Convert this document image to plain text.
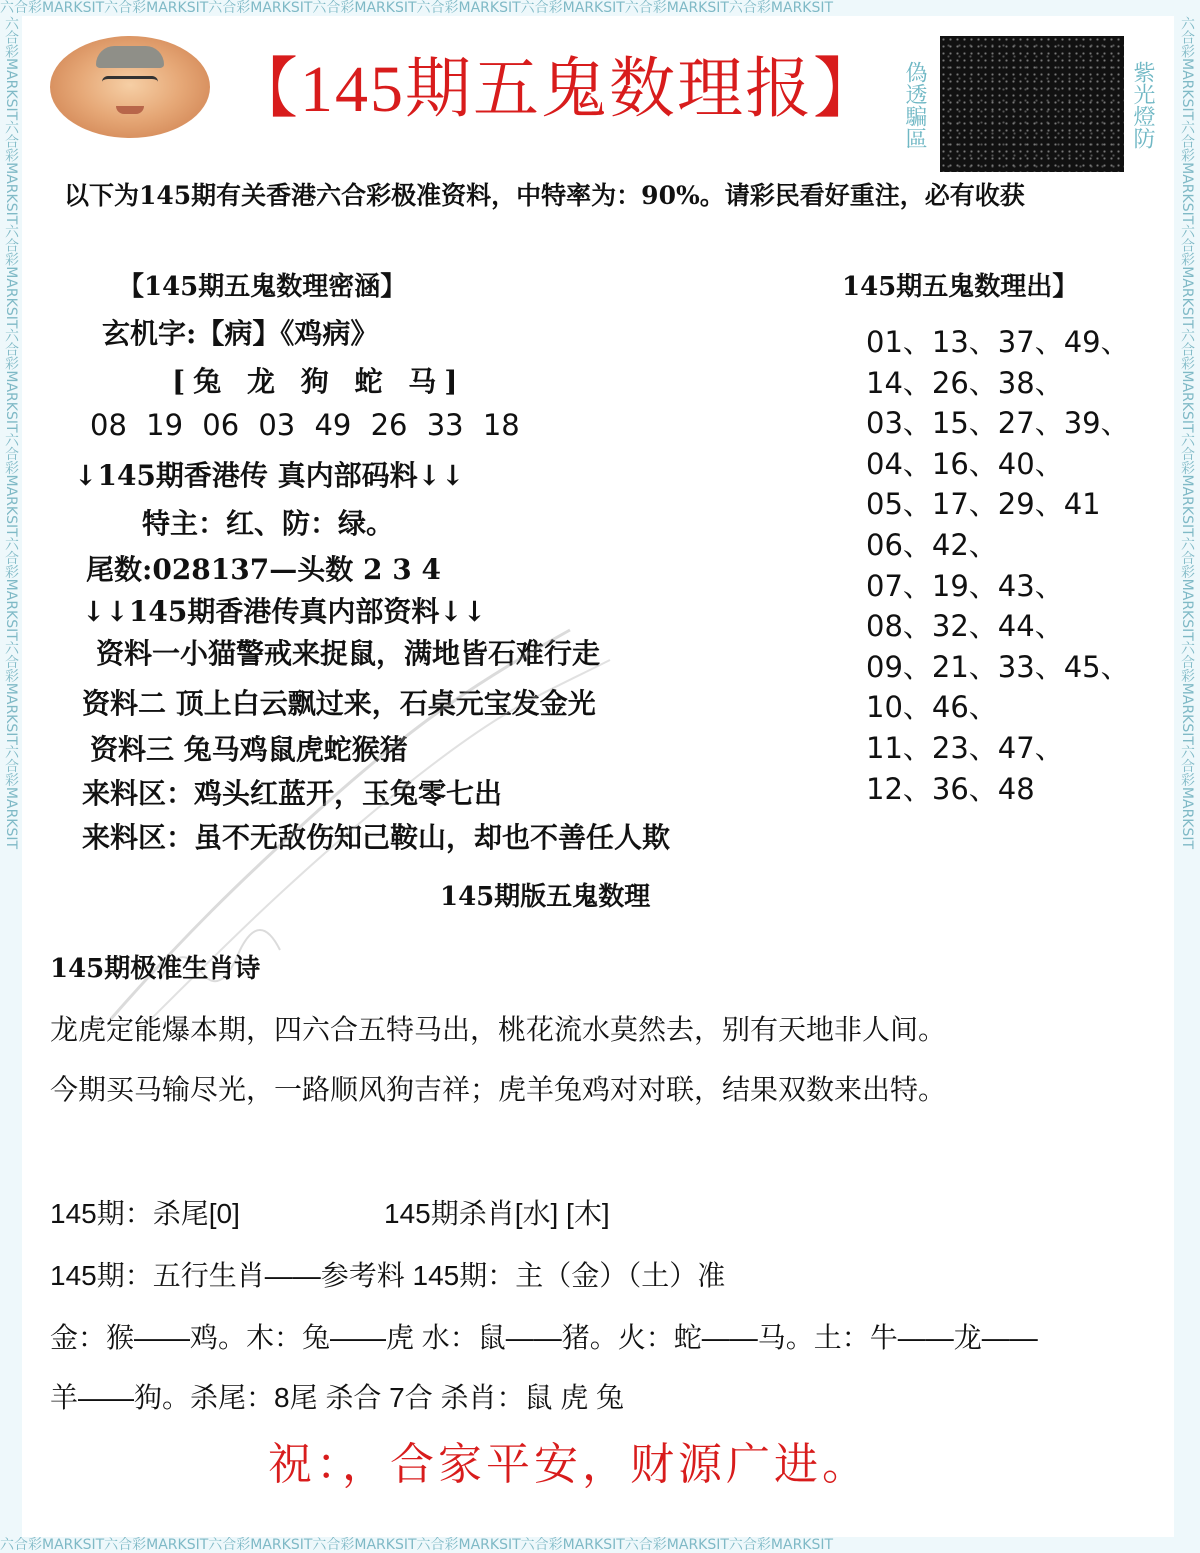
六合彩MARKSIT六合彩MARKSIT六合彩MARKSIT六合彩MARKSIT六合彩MARKSIT六合彩MARKSIT六合彩MARKSIT六合彩MARKSIT
六合彩MARKSIT六合彩MARKSIT六合彩MARKSIT六合彩MARKSIT六合彩MARKSIT六合彩MARKSIT六合彩MARKSIT六合彩MARKSIT
六合彩MARKSIT六合彩MARKSIT六合彩MARKSIT六合彩MARKSIT六合彩MARKSIT六合彩MARKSIT六合彩MARKSIT六合彩MARKSIT	六合彩MARKSIT六合彩MARKSIT六合彩MARKSIT六合彩MARKSIT六合彩MARKSIT六合彩MARKSIT六合彩MARKSIT六合彩MARKSIT
【145期五鬼数理报】 偽透騙區	紫光燈防
以下为145期有关香港六合彩极准资料，中特率为：90%。请彩民看好重注，必有收获
【145期五鬼数理密涵】	145期五鬼数理出】
玄机字:【病】《鸡病》
[兔 龙 狗 蛇 马]
08 19 06 03 49 26 33 18
↓145期香港传 真内部码料↓↓
特主：红、防：绿。
尾数:028137—头数 2 3 4
↓↓145期香港传真内部资料↓↓
资料一小猫警戒来捉鼠，满地皆石难行走
资料二 顶上白云飘过来，石桌元宝发金光
资料三 兔马鸡鼠虎蛇猴猪
来料区：鸡头红蓝开，玉兔零七出
来料区：虽不无敌伤知己鞍山，却也不善任人欺
01、13、37、49、
14、26、38、
03、15、27、39、
04、16、40、
05、17、29、41
06、42、
07、19、43、
08、32、44、
09、21、33、45、
10、46、
11、23、47、
12、36、48
145期版五鬼数理
145期极准生肖诗
龙虎定能爆本期，四六合五特马出，桃花流水莫然去，别有天地非人间。
今期买马输尽光，一路顺风狗吉祥；虎羊兔鸡对对联，结果双数来出特。
145期：杀尾[0]	145期杀肖[水] [木]
145期：五行生肖——参考料 145期：主（金）（土）准
金：猴——鸡。木：兔——虎 水：鼠——猪。火：蛇——马。土：牛——龙——
羊——狗。杀尾：8尾 杀合 7合 杀肖：鼠 虎 兔
祝：，合家平安，财源广进。
